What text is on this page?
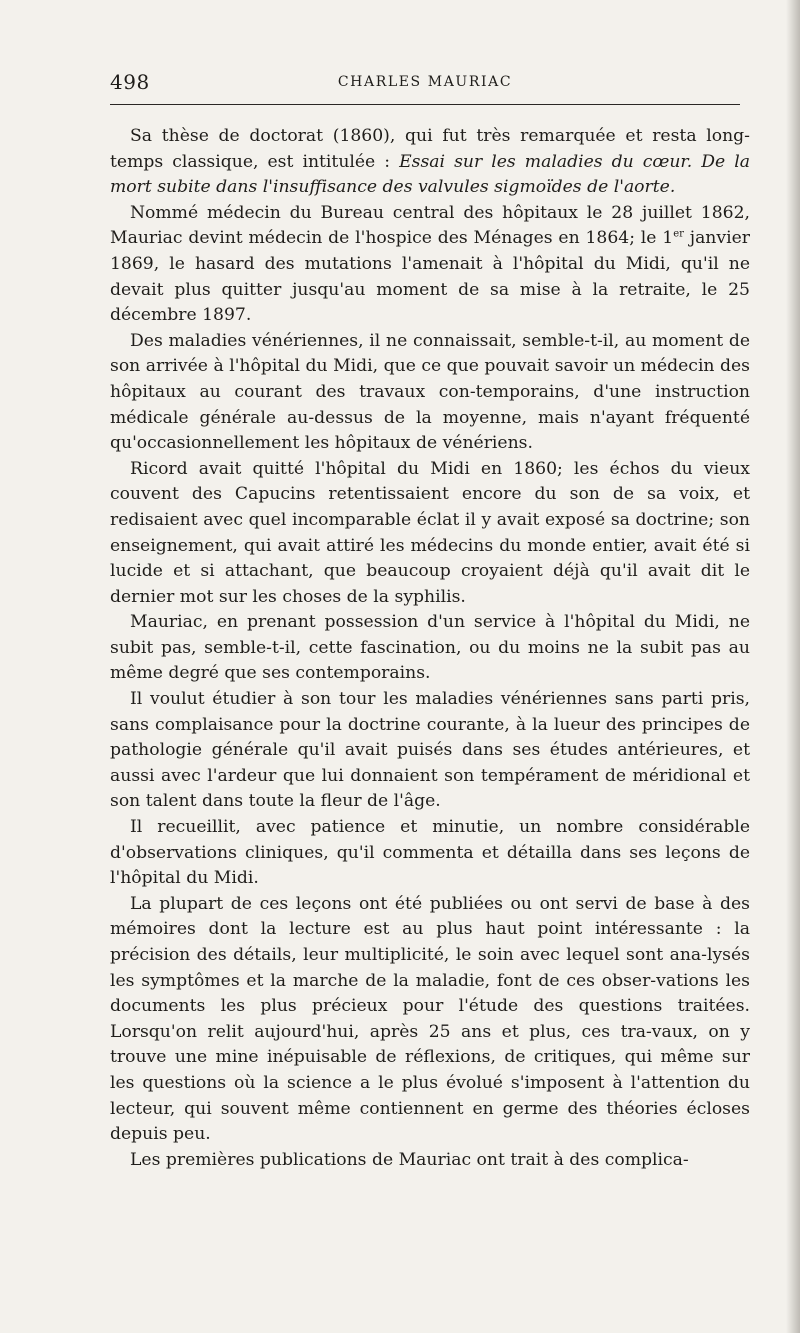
498	CHARLES MAURIAC

Sa thèse de doctorat (1860), qui fut très remarquée et resta long-temps classique, est intitulée : Essai sur les maladies du cœur. De la mort subite dans l'insuffisance des valvules sigmoïdes de l'aorte.

Nommé médecin du Bureau central des hôpitaux le 28 juillet 1862, Mauriac devint médecin de l'hospice des Ménages en 1864; le 1er janvier 1869, le hasard des mutations l'amenait à l'hôpital du Midi, qu'il ne devait plus quitter jusqu'au moment de sa mise à la retraite, le 25 décembre 1897.

Des maladies vénériennes, il ne connaissait, semble-t-il, au moment de son arrivée à l'hôpital du Midi, que ce que pouvait savoir un médecin des hôpitaux au courant des travaux con-temporains, d'une instruction médicale générale au-dessus de la moyenne, mais n'ayant fréquenté qu'occasionnellement les hôpitaux de vénériens.

Ricord avait quitté l'hôpital du Midi en 1860; les échos du vieux couvent des Capucins retentissaient encore du son de sa voix, et redisaient avec quel incomparable éclat il y avait exposé sa doctrine; son enseignement, qui avait attiré les médecins du monde entier, avait été si lucide et si attachant, que beaucoup croyaient déjà qu'il avait dit le dernier mot sur les choses de la syphilis.

Mauriac, en prenant possession d'un service à l'hôpital du Midi, ne subit pas, semble-t-il, cette fascination, ou du moins ne la subit pas au même degré que ses contemporains.

Il voulut étudier à son tour les maladies vénériennes sans parti pris, sans complaisance pour la doctrine courante, à la lueur des principes de pathologie générale qu'il avait puisés dans ses études antérieures, et aussi avec l'ardeur que lui donnaient son tempérament de méridional et son talent dans toute la fleur de l'âge.

Il recueillit, avec patience et minutie, un nombre considérable d'observations cliniques, qu'il commenta et détailla dans ses leçons de l'hôpital du Midi.

La plupart de ces leçons ont été publiées ou ont servi de base à des mémoires dont la lecture est au plus haut point intéressante : la précision des détails, leur multiplicité, le soin avec lequel sont ana-lysés les symptômes et la marche de la maladie, font de ces obser-vations les documents les plus précieux pour l'étude des questions traitées. Lorsqu'on relit aujourd'hui, après 25 ans et plus, ces tra-vaux, on y trouve une mine inépuisable de réflexions, de critiques, qui même sur les questions où la science a le plus évolué s'imposent à l'attention du lecteur, qui souvent même contiennent en germe des théories écloses depuis peu.

Les premières publications de Mauriac ont trait à des complica-
